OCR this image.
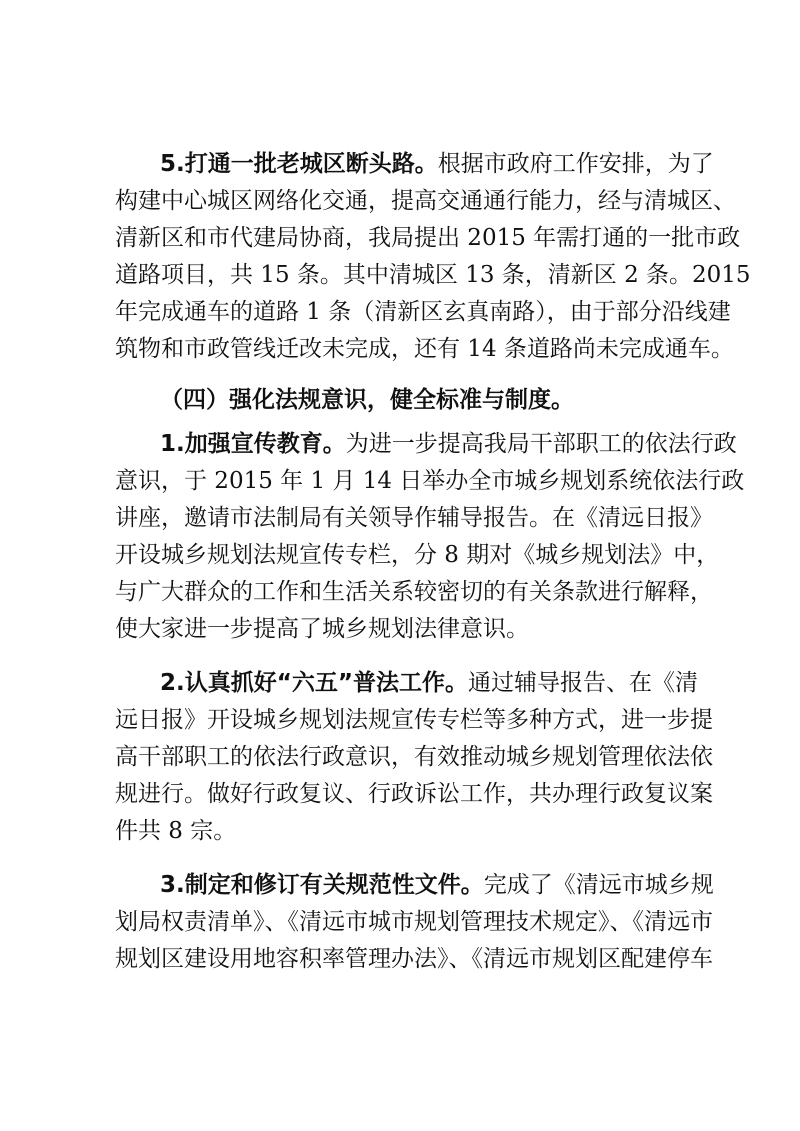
5.打通一批老城区断头路。根据市政府工作安排，为了
构建中心城区网络化交通，提高交通通行能力，经与清城区、
清新区和市代建局协商，我局提出 2015 年需打通的一批市政
道路项目，共 15 条。其中清城区 13 条，清新区 2 条。2015
年完成通车的道路 1 条（清新区玄真南路），由于部分沿线建
筑物和市政管线迁改未完成，还有 14 条道路尚未完成通车。
（四）强化法规意识，健全标准与制度。
1.加强宣传教育。为进一步提高我局干部职工的依法行政
意识，于 2015 年 1 月 14 日举办全市城乡规划系统依法行政
讲座，邀请市法制局有关领导作辅导报告。在《清远日报》
开设城乡规划法规宣传专栏，分 8 期对《城乡规划法》中，
与广大群众的工作和生活关系较密切的有关条款进行解释，
使大家进一步提高了城乡规划法律意识。
2.认真抓好“六五”普法工作。通过辅导报告、在《清
远日报》开设城乡规划法规宣传专栏等多种方式，进一步提
高干部职工的依法行政意识，有效推动城乡规划管理依法依
规进行。做好行政复议、行政诉讼工作，共办理行政复议案
件共 8 宗。
3.制定和修订有关规范性文件。完成了《清远市城乡规
划局权责清单》、《清远市城市规划管理技术规定》、《清远市
规划区建设用地容积率管理办法》、《清远市规划区配建停车
